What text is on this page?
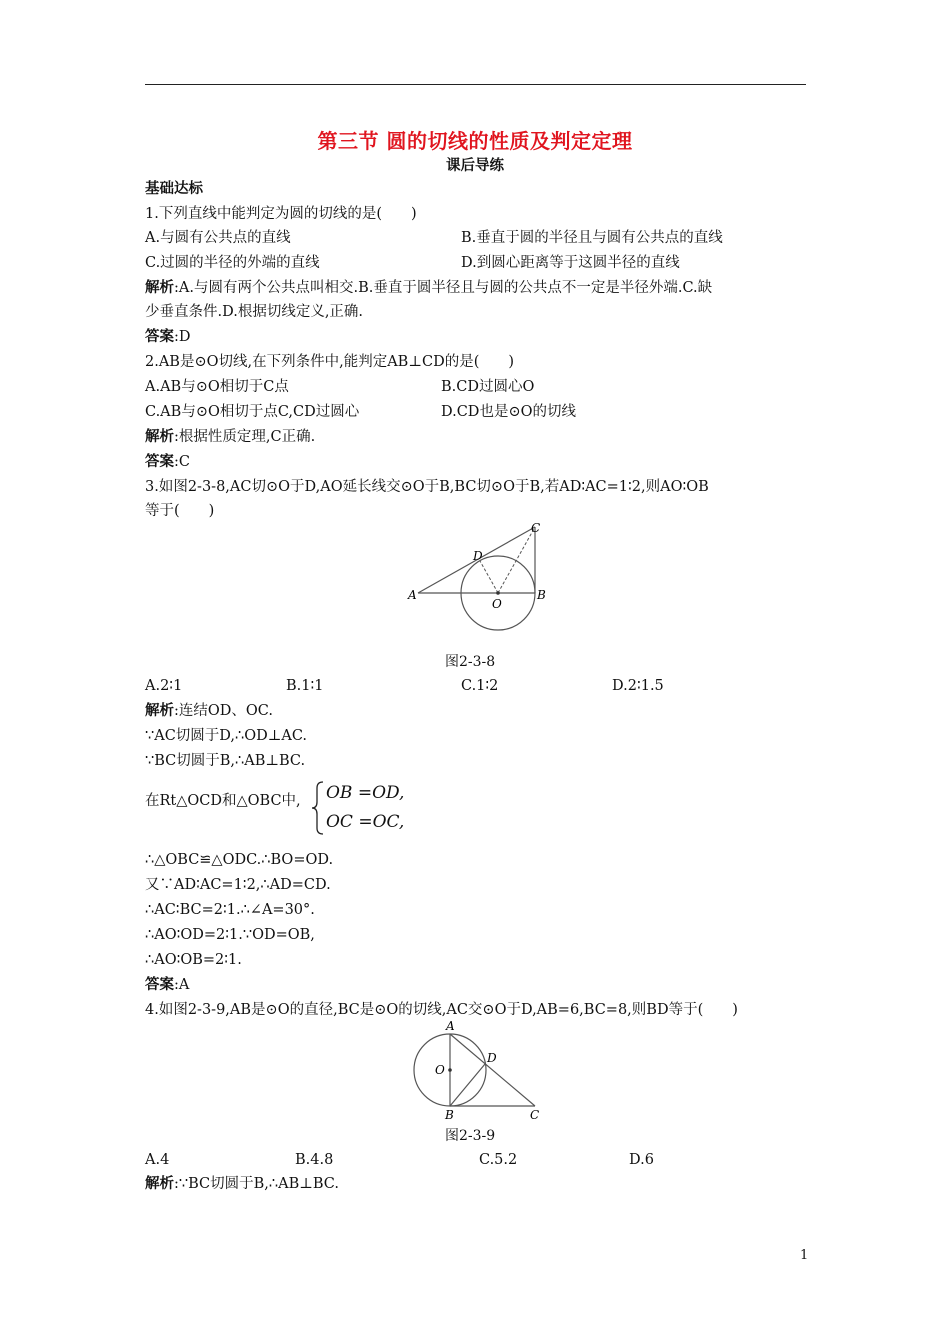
第三节 圆的切线的性质及判定定理
课后导练
基础达标
1.下列直线中能判定为圆的切线的是(　　)
A.与圆有公共点的直线	B.垂直于圆的半径且与圆有公共点的直线
C.过圆的半径的外端的直线	D.到圆心距离等于这圆半径的直线
解析:A.与圆有两个公共点叫相交.B.垂直于圆半径且与圆的公共点不一定是半径外端.C.缺
少垂直条件.D.根据切线定义,正确.
答案:D
2.AB是⊙O切线,在下列条件中,能判定AB⊥CD的是(　　)
A.AB与⊙O相切于C点	B.CD过圆心O
C.AB与⊙O相切于点C,CD过圆心	D.CD也是⊙O的切线
解析:根据性质定理,C正确.
答案:C
3.如图2-3-8,AC切⊙O于D,AO延长线交⊙O于B,BC切⊙O于B,若AD∶AC=1∶2,则AO∶OB
等于(　　)
A	B
C
D
O
图2-3-8
A.2∶1	B.1∶1	C.1∶2	D.2∶1.5
解析:连结OD、OC.
∵AC切圆于D,∴OD⊥AC.
∵BC切圆于B,∴AB⊥BC.
在Rt△OCD和△OBC中, OB =OD,
OC =OC,
∴△OBC≌△ODC.∴BO=OD.
又∵AD∶AC=1∶2,∴AD=CD.
∴AC∶BC=2∶1.∴∠A=30°.
∴AO∶OD=2∶1.∵OD=OB,
∴AO∶OB=2∶1.
答案:A
4.如图2-3-9,AB是⊙O的直径,BC是⊙O的切线,AC交⊙O于D,AB=6,BC=8,则BD等于(　　)
A
B	C
D
O
图2-3-9
A.4	B.4.8	C.5.2	D.6
解析:∵BC切圆于B,∴AB⊥BC.
1
